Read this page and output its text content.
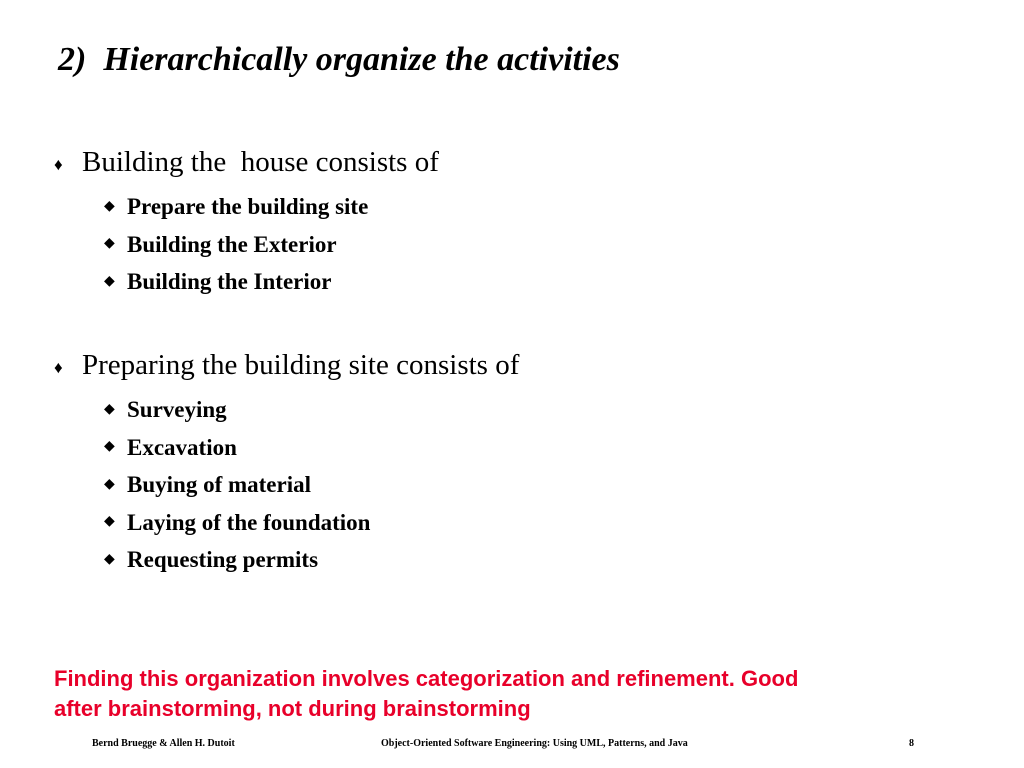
2)  Hierarchically organize the activities
♦ Building the  house consists of
◆ Prepare the building site
◆ Building the Exterior
◆ Building the Interior
♦ Preparing the building site consists of
◆ Surveying
◆ Excavation
◆ Buying of material
◆ Laying of the foundation
◆ Requesting permits
Finding this organization involves categorization and refinement. Good
after brainstorming, not during brainstorming
Bernd Bruegge & Allen H. Dutoit	Object-Oriented Software Engineering: Using UML, Patterns, and Java	8
